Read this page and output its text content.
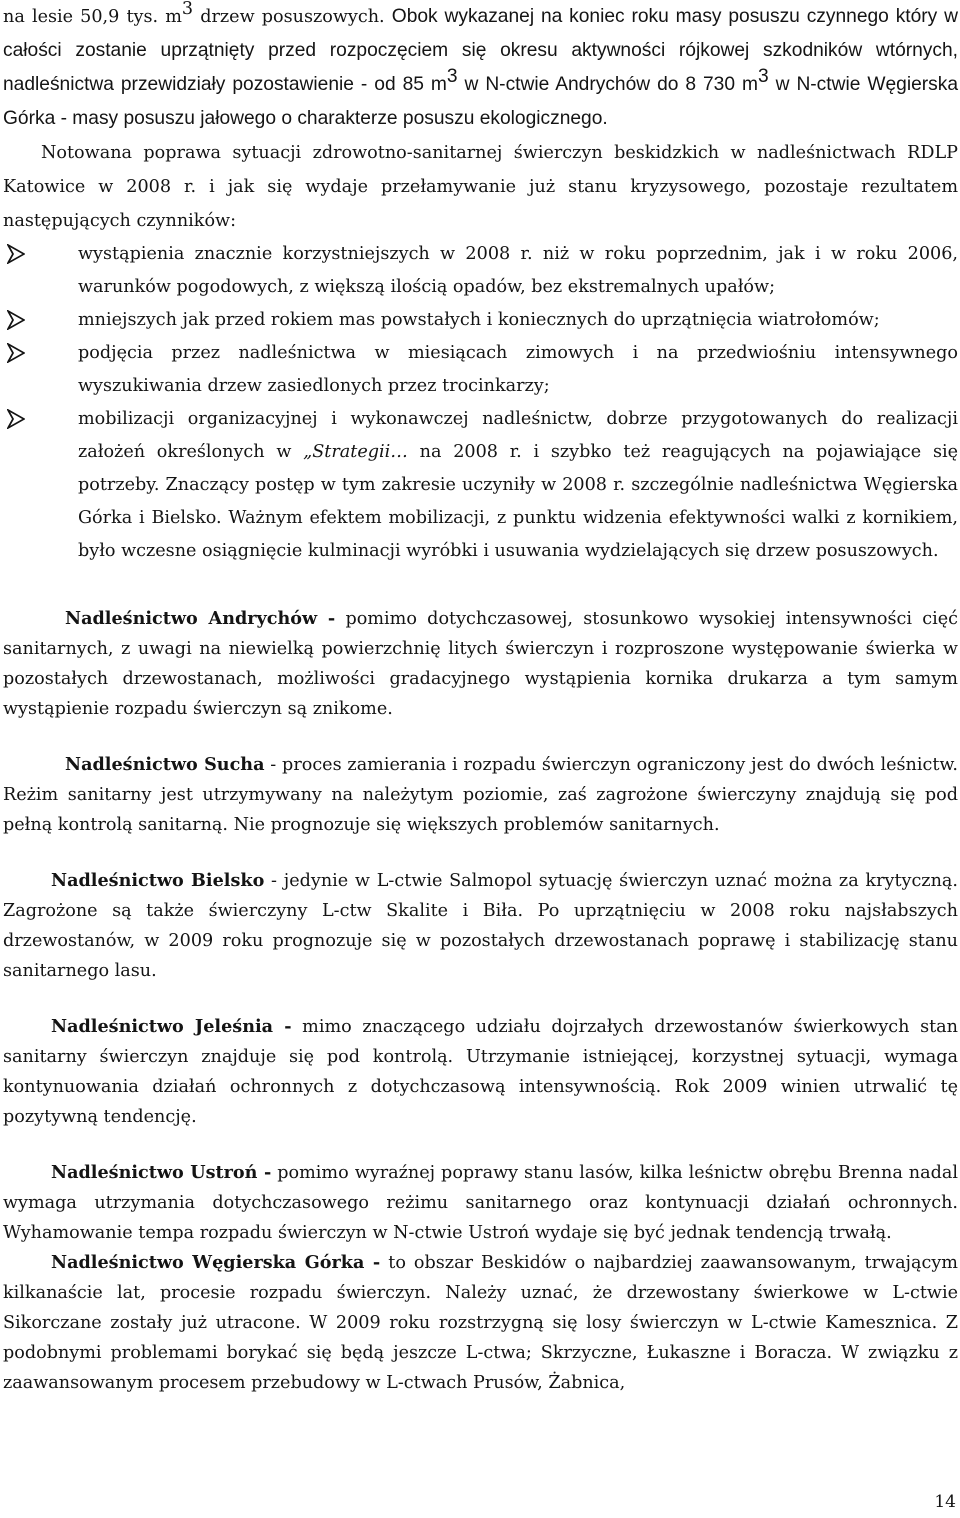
na lesie 50,9 tys. $m^3$ drzew posuszowych. Obok wykazanej na koniec roku masy posuszu czynnego który w całości zostanie uprzątnięty przed rozpoczęciem się okresu aktywności rójkowej szkodników wtórnych, nadleśnictwa przewidziały pozostawienie - od 85 $m^3$ w N-ctwie Andrychów do 8 730 $m^3$ w N-ctwie Węgierska Górka - masy posuszu jałowego o charakterze posuszu ekologicznego.

Notowana poprawa sytuacji zdrowotno-sanitarnej świerczyn beskidzkich w nadleśnictwach RDLP Katowice w 2008 r. i jak się wydaje przełamywanie już stanu kryzysowego, pozostaje rezultatem następujących czynników:

wystąpienia znacznie korzystniejszych w 2008 r. niż w roku poprzednim, jak i w roku 2006, warunków pogodowych, z większą ilością opadów, bez ekstremalnych upałów;
mniejszych jak przed rokiem mas powstałych i koniecznych do uprzątnięcia wiatrołomów;
podjęcia przez nadleśnictwa w miesiącach zimowych i na przedwiośniu intensywnego wyszukiwania drzew zasiedlonych przez trocinkarzy;
mobilizacji organizacyjnej i wykonawczej nadleśnictw, dobrze przygotowanych do realizacji założeń określonych w „Strategii… na 2008 r. i szybko też reagujących na pojawiające się potrzeby. Znaczący postęp w tym zakresie uczyniły w 2008 r. szczególnie nadleśnictwa Węgierska Górka i Bielsko. Ważnym efektem mobilizacji, z punktu widzenia efektywności walki z kornikiem, było wczesne osiągnięcie kulminacji wyróbki i usuwania wydzielających się drzew posuszowych.

Nadleśnictwo Andrychów - pomimo dotychczasowej, stosunkowo wysokiej intensywności cięć sanitarnych, z uwagi na niewielką powierzchnię litych świerczyn i rozproszone występowanie świerka w pozostałych drzewostanach, możliwości gradacyjnego wystąpienia kornika drukarza a tym samym wystąpienie rozpadu świerczyn są znikome.

Nadleśnictwo Sucha - proces zamierania i rozpadu świerczyn ograniczony jest do dwóch leśnictw. Reżim sanitarny jest utrzymywany na należytym poziomie, zaś zagrożone świerczyny znajdują się pod pełną kontrolą sanitarną. Nie prognozuje się większych problemów sanitarnych.

Nadleśnictwo Bielsko - jedynie w L-ctwie Salmopol sytuację świerczyn uznać można za krytyczną. Zagrożone są także świerczyny L-ctw Skalite i Biła. Po uprzątnięciu w 2008 roku najsłabszych drzewostanów, w 2009 roku prognozuje się w pozostałych drzewostanach poprawę i stabilizację stanu sanitarnego lasu.

Nadleśnictwo Jeleśnia - mimo znaczącego udziału dojrzałych drzewostanów świerkowych stan sanitarny świerczyn znajduje się pod kontrolą. Utrzymanie istniejącej, korzystnej sytuacji, wymaga kontynuowania działań ochronnych z dotychczasową intensywnością. Rok 2009 winien utrwalić tę pozytywną tendencję.

Nadleśnictwo Ustroń - pomimo wyraźnej poprawy stanu lasów, kilka leśnictw obrębu Brenna nadal wymaga utrzymania dotychczasowego reżimu sanitarnego oraz kontynuacji działań ochronnych. Wyhamowanie tempa rozpadu świerczyn w N-ctwie Ustroń wydaje się być jednak tendencją trwałą.

Nadleśnictwo Węgierska Górka - to obszar Beskidów o najbardziej zaawansowanym, trwającym kilkanaście lat, procesie rozpadu świerczyn. Należy uznać, że drzewostany świerkowe w L-ctwie Sikorczane zostały już utracone. W 2009 roku rozstrzygną się losy świerczyn w L-ctwie Kamesznica. Z podobnymi problemami borykać się będą jeszcze L-ctwa; Skrzyczne, Łukaszne i Boracza. W związku z zaawansowanym procesem przebudowy w L-ctwach Prusów, Żabnica,

14
